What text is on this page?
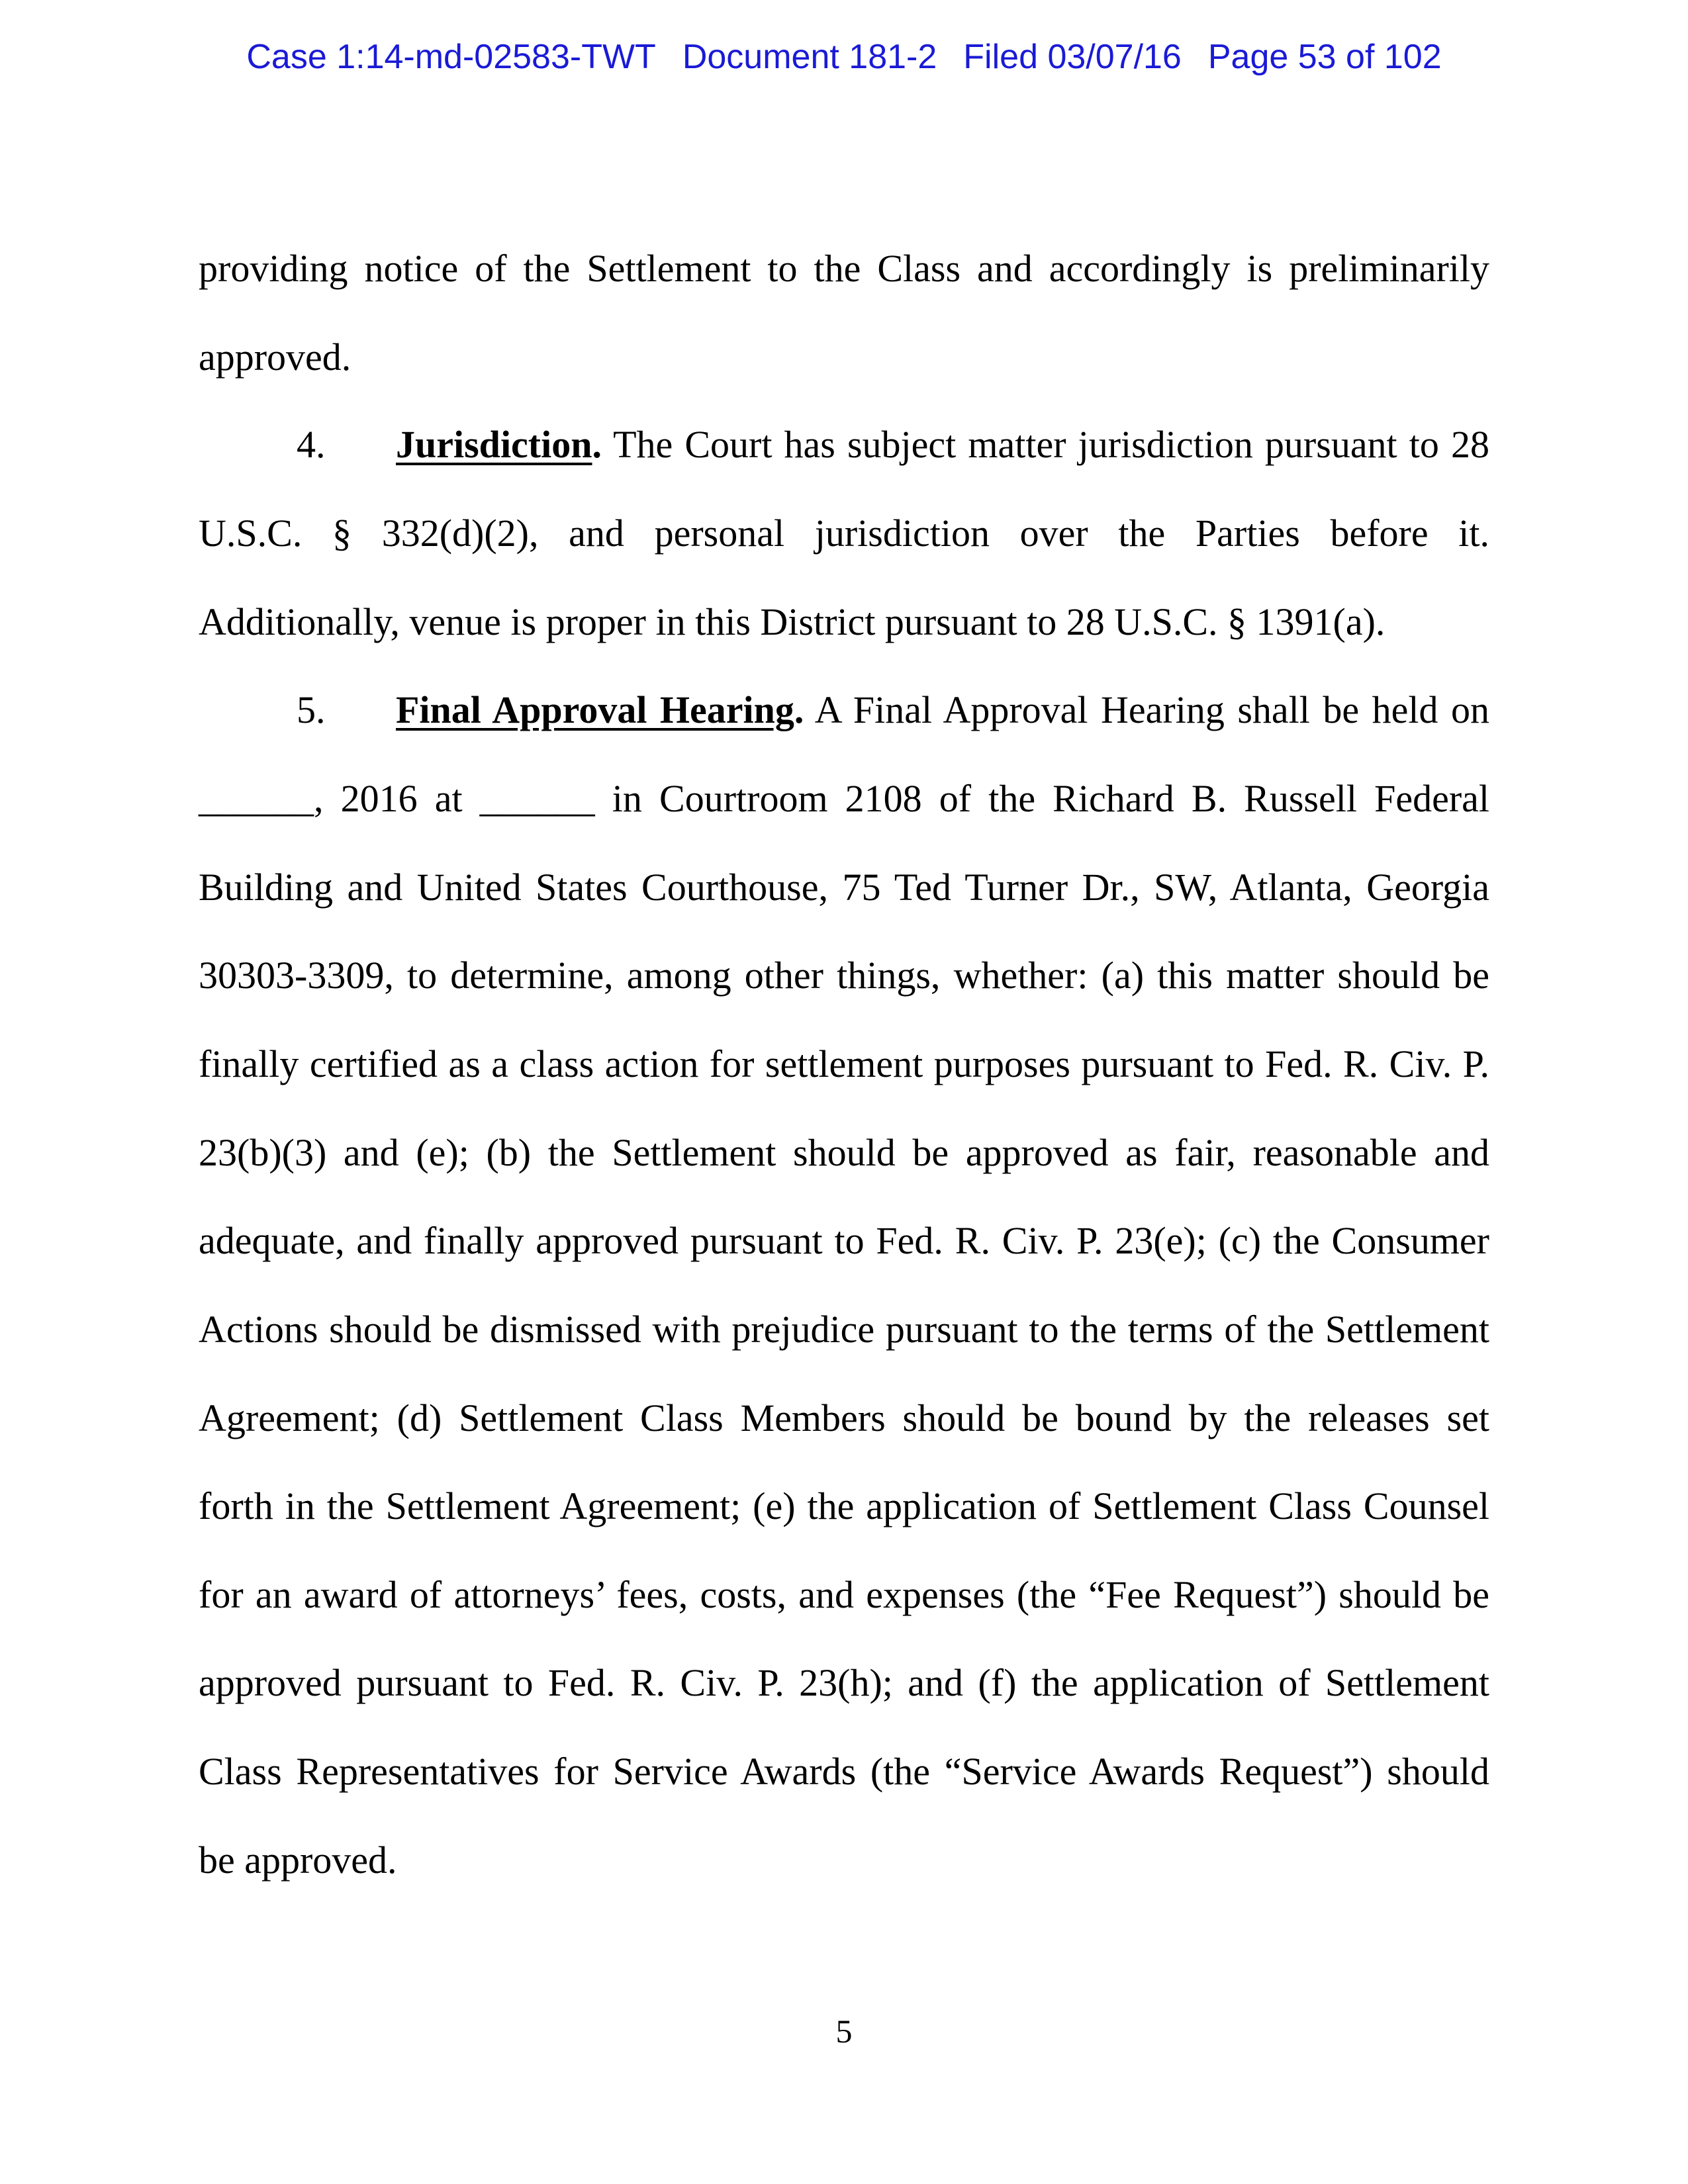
Case 1:14-md-02583-TWT Document 181-2 Filed 03/07/16 Page 53 of 102
providing notice of the Settlement to the Class and accordingly is preliminarily
approved.
4. Jurisdiction. The Court has subject matter jurisdiction pursuant to 28
U.S.C. § 332(d)(2), and personal jurisdiction over the Parties before it.
Additionally, venue is proper in this District pursuant to 28 U.S.C. § 1391(a).
5. Final Approval Hearing. A Final Approval Hearing shall be held on
______, 2016 at ______ in Courtroom 2108 of the Richard B. Russell Federal
Building and United States Courthouse, 75 Ted Turner Dr., SW, Atlanta, Georgia
30303-3309, to determine, among other things, whether: (a) this matter should be
finally certified as a class action for settlement purposes pursuant to Fed. R. Civ. P.
23(b)(3) and (e); (b) the Settlement should be approved as fair, reasonable and
adequate, and finally approved pursuant to Fed. R. Civ. P. 23(e); (c) the Consumer
Actions should be dismissed with prejudice pursuant to the terms of the Settlement
Agreement; (d) Settlement Class Members should be bound by the releases set
forth in the Settlement Agreement; (e) the application of Settlement Class Counsel
for an award of attorneys’ fees, costs, and expenses (the “Fee Request”) should be
approved pursuant to Fed. R. Civ. P. 23(h); and (f) the application of Settlement
Class Representatives for Service Awards (the “Service Awards Request”) should
be approved.
5
